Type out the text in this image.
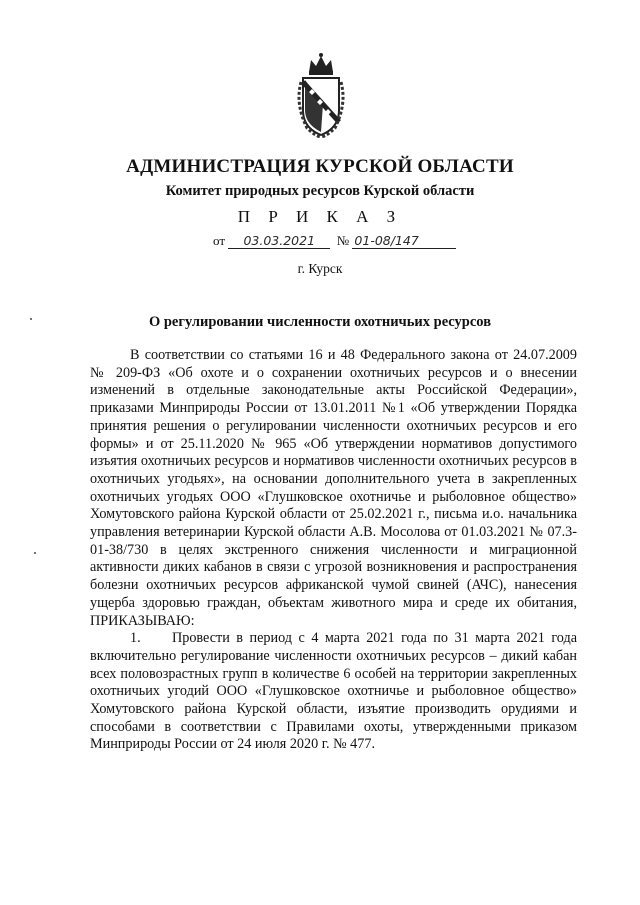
АДМИНИСТРАЦИЯ КУРСКОЙ ОБЛАСТИ
Комитет природных ресурсов Курской области
П Р И К А З
от 03.03.2021 № 01-08/147
г. Курск
О регулировании численности охотничьих ресурсов

В соответствии со статьями 16 и 48 Федерального закона от 24.07.2009 № 209-ФЗ «Об охоте и о сохранении охотничьих ресурсов и о внесении изменений в отдельные законодательные акты Российской Федерации», приказами Минприроды России от 13.01.2011 №1 «Об утверждении Порядка принятия решения о регулировании численности охотничьих ресурсов и его формы» и от 25.11.2020 № 965 «Об утверждении нормативов допустимого изъятия охотничьих ресурсов и нормативов численности охотничьих ресурсов в охотничьих угодьях», на основании дополнительного учета в закрепленных охотничьих угодьях ООО «Глушковское охотничье и рыболовное общество» Хомутовского района Курской области от 25.02.2021 г., письма и.о. начальника управления ветеринарии Курской области А.В. Мосолова от 01.03.2021 № 07.3-01-38/730 в целях экстренного снижения численности и миграционной активности диких кабанов в связи с угрозой возникновения и распространения болезни охотничьих ресурсов африканской чумой свиней (АЧС), нанесения ущерба здоровью граждан, объектам животного мира и среде их обитания, ПРИКАЗЫВАЮ:

1. Провести в период с 4 марта 2021 года по 31 марта 2021 года включительно регулирование численности охотничьих ресурсов – дикий кабан всех половозрастных групп в количестве 6 особей на территории закрепленных охотничьих угодий ООО «Глушковское охотничье и рыболовное общество» Хомутовского района Курской области, изъятие производить орудиями и способами в соответствии с Правилами охоты, утвержденными приказом Минприроды России от 24 июля 2020 г. № 477.
